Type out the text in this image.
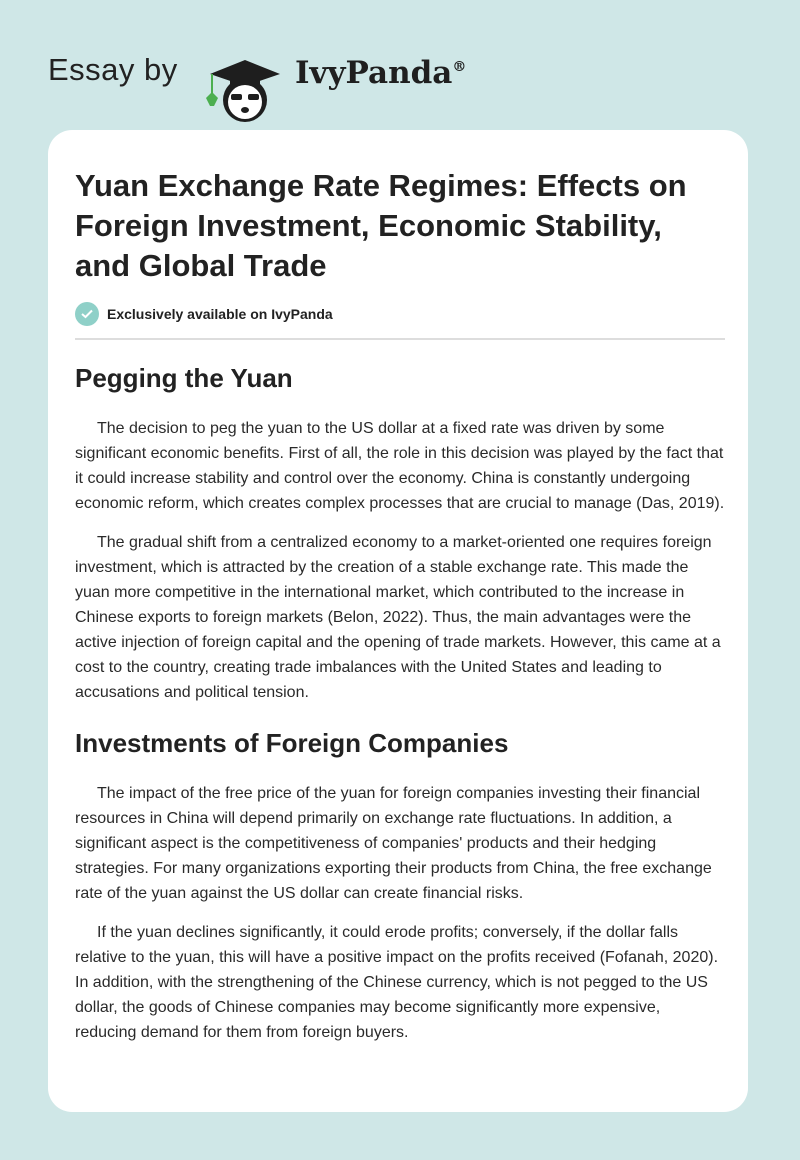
Essay by	IvyPanda®
Yuan Exchange Rate Regimes: Effects on Foreign Investment, Economic Stability, and Global Trade
Exclusively available on IvyPanda
Pegging the Yuan

The decision to peg the yuan to the US dollar at a fixed rate was driven by some significant economic benefits. First of all, the role in this decision was played by the fact that it could increase stability and control over the economy. China is constantly undergoing economic reform, which creates complex processes that are crucial to manage (Das, 2019).

The gradual shift from a centralized economy to a market-oriented one requires foreign investment, which is attracted by the creation of a stable exchange rate. This made the yuan more competitive in the international market, which contributed to the increase in Chinese exports to foreign markets (Belon, 2022). Thus, the main advantages were the active injection of foreign capital and the opening of trade markets. However, this came at a cost to the country, creating trade imbalances with the United States and leading to accusations and political tension.

Investments of Foreign Companies

The impact of the free price of the yuan for foreign companies investing their financial resources in China will depend primarily on exchange rate fluctuations. In addition, a significant aspect is the competitiveness of companies' products and their hedging strategies. For many organizations exporting their products from China, the free exchange rate of the yuan against the US dollar can create financial risks.

If the yuan declines significantly, it could erode profits; conversely, if the dollar falls relative to the yuan, this will have a positive impact on the profits received (Fofanah, 2020). In addition, with the strengthening of the Chinese currency, which is not pegged to the US dollar, the goods of Chinese companies may become significantly more expensive, reducing demand for them from foreign buyers.
